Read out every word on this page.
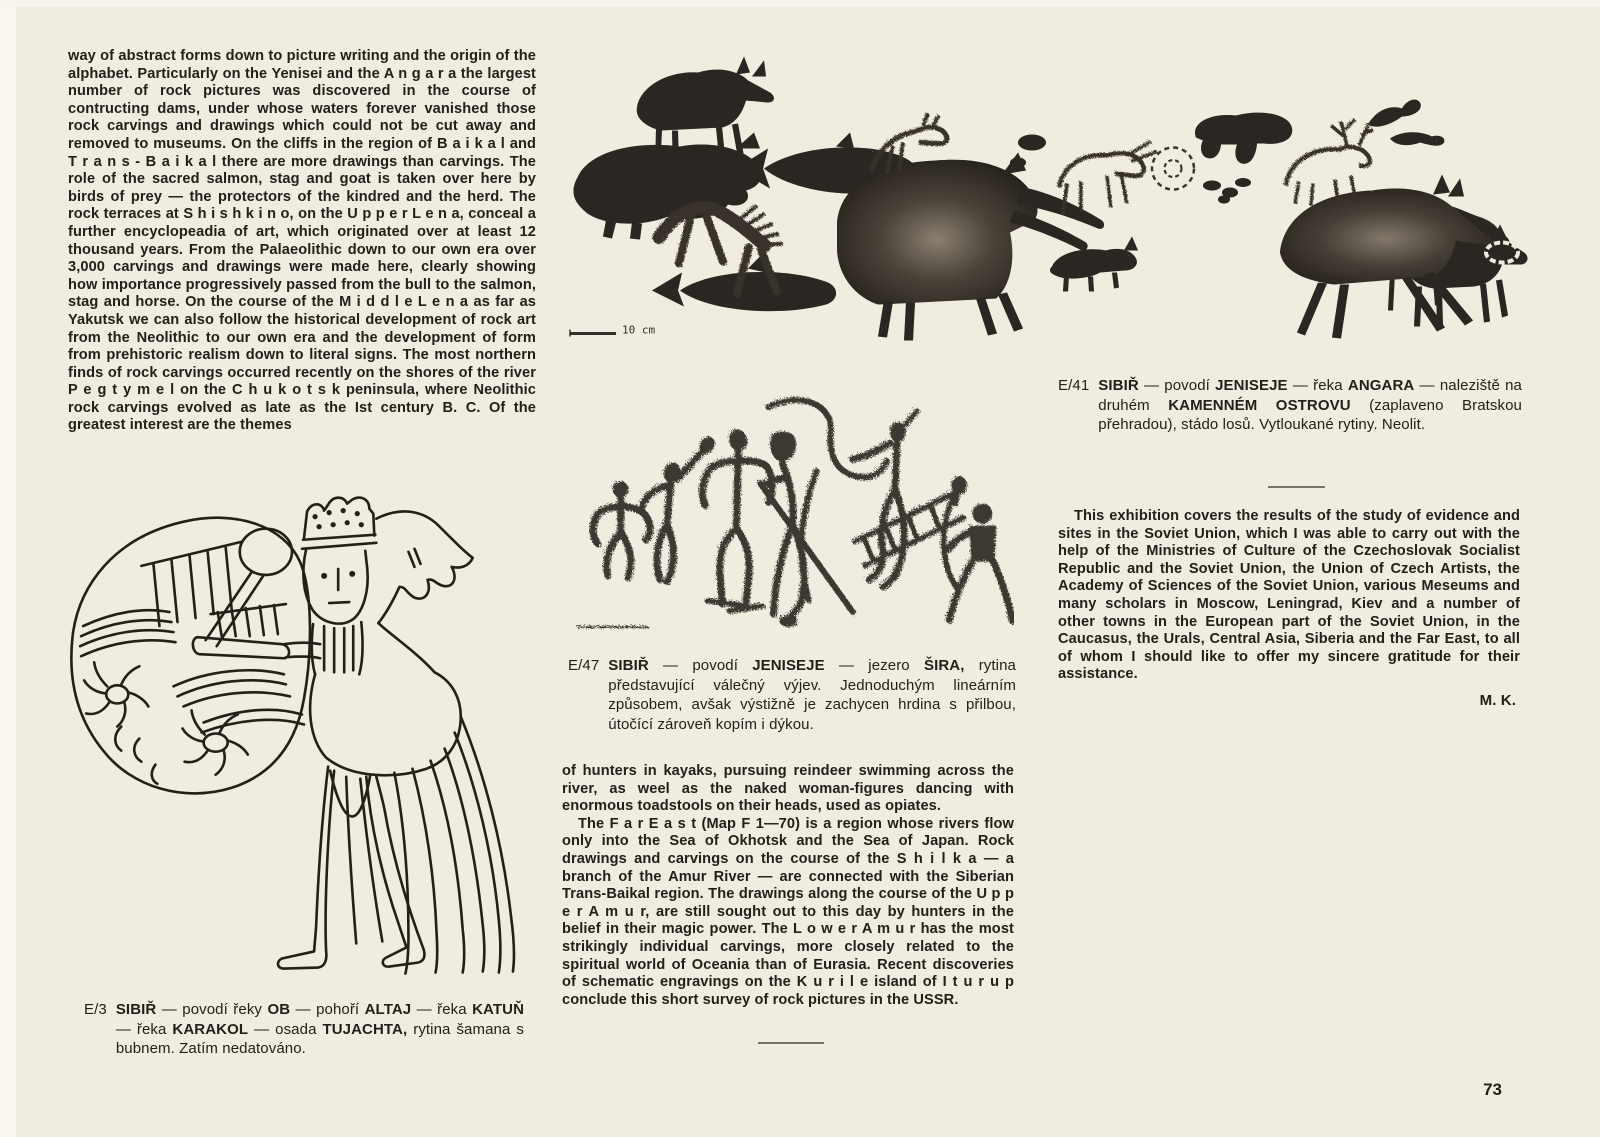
way of abstract forms down to picture writing and the origin of the alphabet. Particularly on the Yenisei and the A n g a r a the largest number of rock pictures was discovered in the course of contructing dams, under whose waters forever vanished those rock carvings and drawings which could not be cut away and removed to museums. On the cliffs in the region of B a i k a l and T r a n s - B a i k a l there are more drawings than carvings. The role of the sacred salmon, stag and goat is taken over here by birds of prey — the protectors of the kindred and the herd. The rock terraces at S h i s h k i n o, on the U p p e r L e n a, conceal a further encyclopeadia of art, which originated over at least 12 thousand years. From the Palaeolithic down to our own era over 3,000 carvings and drawings were made here, clearly showing how importance progressively passed from the bull to the salmon, stag and horse. On the course of the M i d d l e L e n a as far as Yakutsk we can also follow the historical development of rock art from the Neolithic to our own era and the development of form from prehistoric realism down to literal signs. The most northern finds of rock carvings occurred recently on the shores of the river P e g t y m e l on the C h u k o t s k peninsula, where Neolithic rock carvings evolved as late as the Ist century B. C. Of the greatest interest are the themes

10 cm
E/41 SIBIŘ — povodí JENISEJE — řeka ANGARA — naleziště na druhém KAMENNÉM OSTROVU (zaplaveno Bratskou přehradou), stádo losů. Vytloukané rytiny. Neolit.

This exhibition covers the results of the study of evidence and sites in the Soviet Union, which I was able to carry out with the help of the Ministries of Culture of the Czechoslovak Socialist Republic and the Soviet Union, the Union of Czech Artists, the Academy of Sciences of the Soviet Union, various Meseums and many scholars in Moscow, Leningrad, Kiev and a number of other towns in the European part of the Soviet Union, in the Caucasus, the Urals, Central Asia, Siberia and the Far East, to all of whom I should like to offer my sincere gratitude for their assistance.

M. K.
E/47 SIBIŘ — povodí JENISEJE — jezero ŠIRA, rytina představující válečný výjev. Jednoduchým lineárním způsobem, avšak výstižně je zachycen hrdina s přilbou, útočící zároveň kopím i dýkou.

of hunters in kayaks, pursuing reindeer swimming across the river, as weel as the naked woman-figures dancing with enormous toadstools on their heads, used as opiates.

The F a r E a s t (Map F 1—70) is a region whose rivers flow only into the Sea of Okhotsk and the Sea of Japan. Rock drawings and carvings on the course of the S h i l k a — a branch of the Amur River — are connected with the Siberian Trans-Baikal region. The drawings along the course of the U p p e r A m u r, are still sought out to this day by hunters in the belief in their magic power. The L o w e r A m u r has the most strikingly individual carvings, more closely related to the spiritual world of Oceania than of Eurasia. Recent discoveries of schematic engravings on the K u r i l e island of I t u r u p conclude this short survey of rock pictures in the USSR.

E/3 SIBIŘ — povodí řeky OB — pohoří ALTAJ — řeka KATUŇ — řeka KARAKOL — osada TUJACHTA, rytina šamana s bubnem. Zatím nedatováno.
73
